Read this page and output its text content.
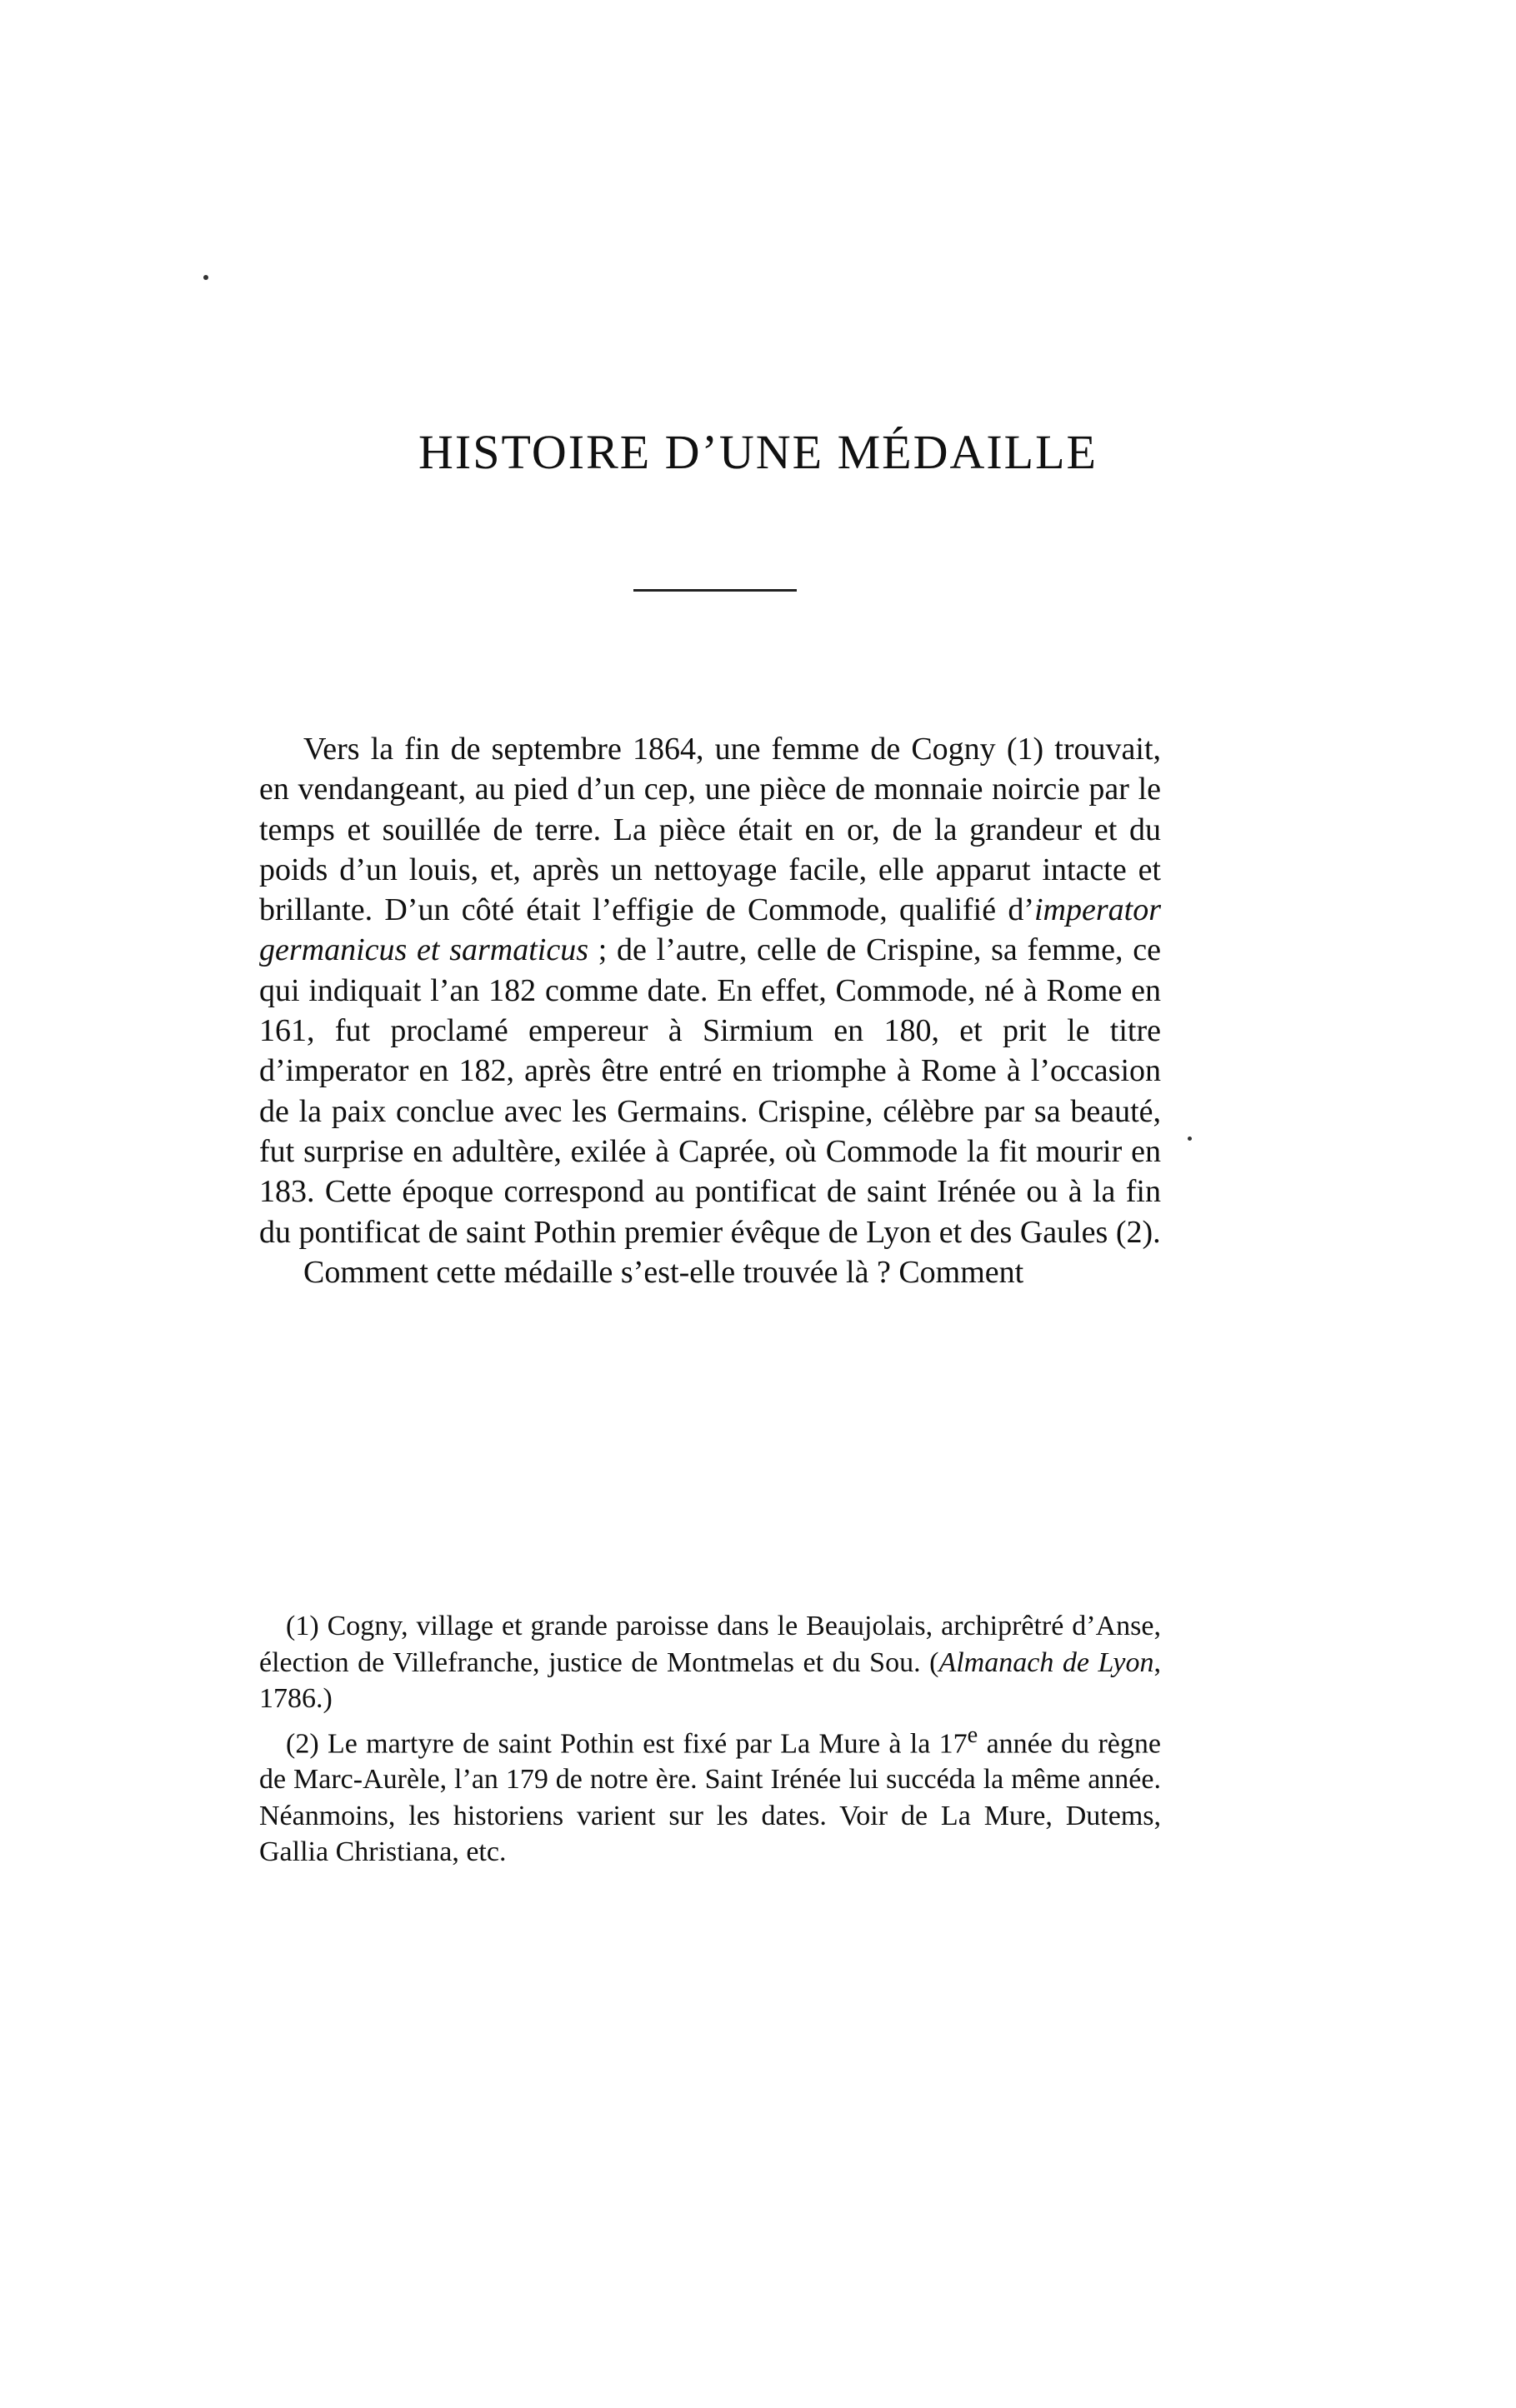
HISTOIRE D’UNE MÉDAILLE

Vers la fin de septembre 1864, une femme de Cogny (1) trouvait, en vendangeant, au pied d’un cep, une pièce de monnaie noircie par le temps et souillée de terre. La pièce était en or, de la grandeur et du poids d’un louis, et, après un nettoyage facile, elle apparut intacte et brillante. D’un côté était l’effigie de Commode, qualifié d’imperator germanicus et sarmaticus ; de l’autre, celle de Crispine, sa femme, ce qui indiquait l’an 182 comme date. En effet, Commode, né à Rome en 161, fut proclamé empereur à Sirmium en 180, et prit le titre d’imperator en 182, après être entré en triomphe à Rome à l’occasion de la paix conclue avec les Germains. Crispine, célèbre par sa beauté, fut surprise en adultère, exilée à Caprée, où Commode la fit mourir en 183. Cette époque correspond au pontificat de saint Irénée ou à la fin du pontificat de saint Pothin premier évêque de Lyon et des Gaules (2).

Comment cette médaille s’est-elle trouvée là ? Comment

(1) Cogny, village et grande paroisse dans le Beaujolais, archiprêtré d’Anse, élection de Villefranche, justice de Montmelas et du Sou. (Almanach de Lyon, 1786.)

(2) Le martyre de saint Pothin est fixé par La Mure à la 17e année du règne de Marc-Aurèle, l’an 179 de notre ère. Saint Irénée lui succéda la même année. Néanmoins, les historiens varient sur les dates. Voir de La Mure, Dutems, Gallia Christiana, etc.
